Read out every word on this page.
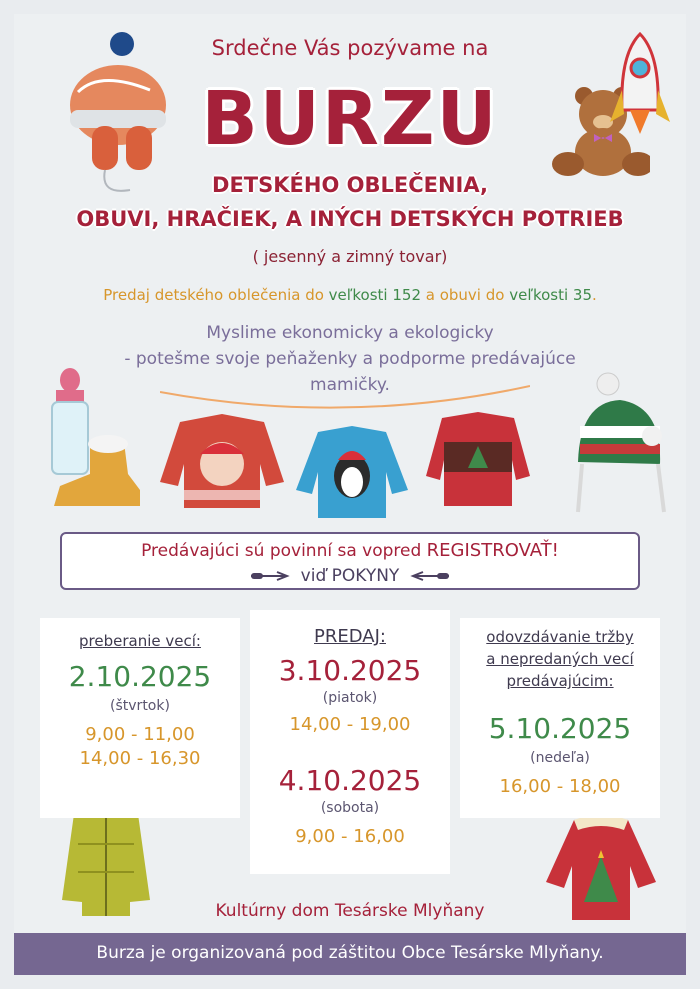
Srdečne Vás pozývame na
BURZU
DETSKÉHO OBLEČENIA,
OBUVI, HRAČIEK, A INÝCH DETSKÝCH POTRIEB
( jesenný a zimný tovar)
Predaj detského oblečenia do veľkosti 152 a obuvi do veľkosti 35.
Myslime ekonomicky a ekologicky
- potešme svoje peňaženky a podporme predávajúce
mamičky.
Predávajúci sú povinní sa vopred REGISTROVAŤ!
viď POKYNY
preberanie vecí:
2.10.2025
(štvrtok)
9,00 - 11,00
14,00 - 16,30
PREDAJ:
3.10.2025
(piatok)
14,00 - 19,00
4.10.2025
(sobota)
9,00 - 16,00
odovzdávanie tržby
a nepredaných vecí
predávajúcim:
5.10.2025
(nedeľa)
16,00 - 18,00
Kultúrny dom Tesárske Mlyňany
Burza je organizovaná pod záštitou Obce Tesárske Mlyňany.
